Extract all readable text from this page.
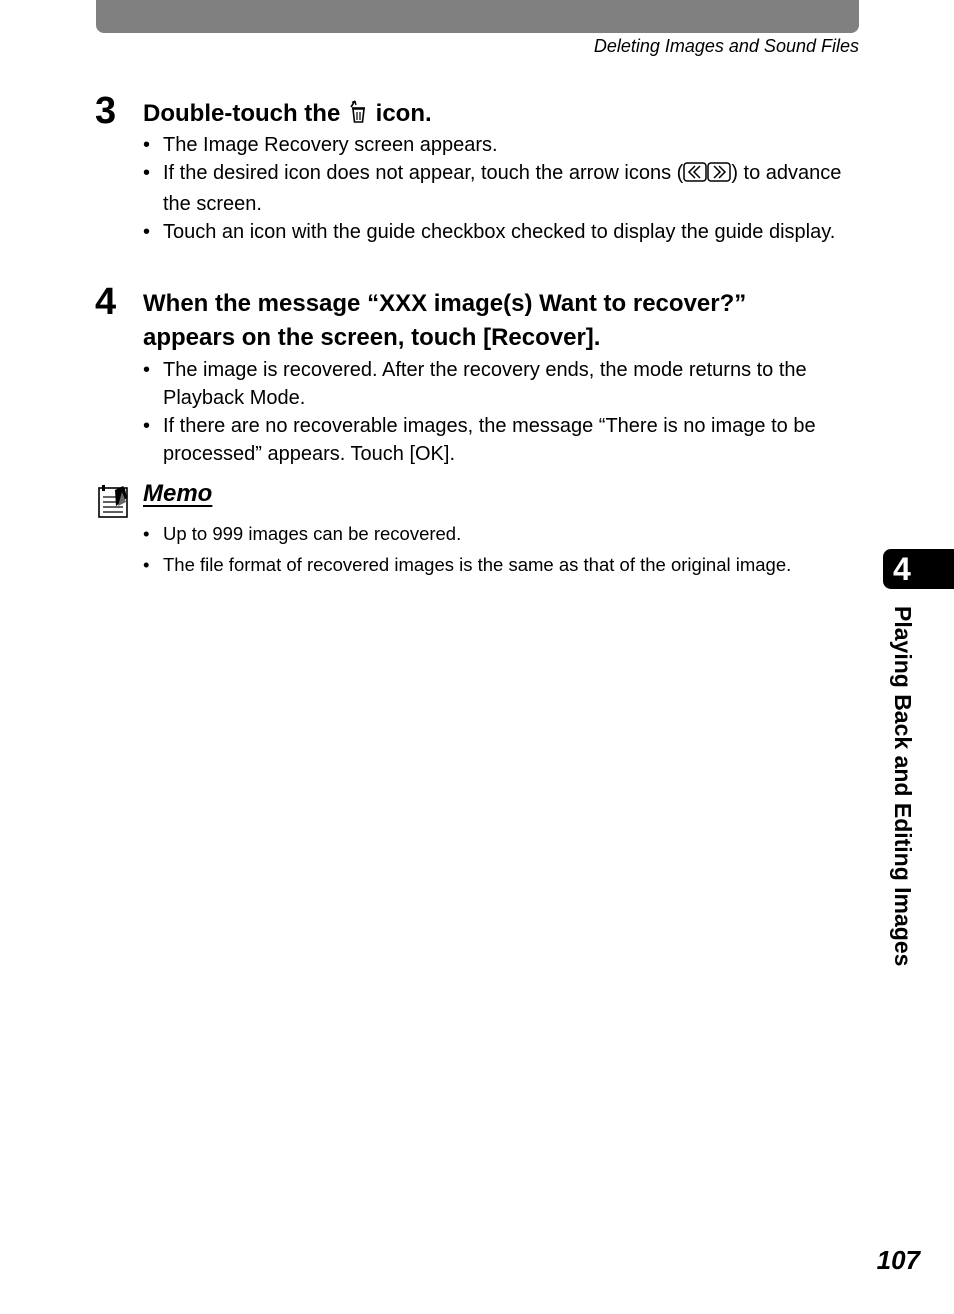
Deleting Images and Sound Files
3 Double-touch the icon.
• The Image Recovery screen appears.
• If the desired icon does not appear, touch the arrow icons ( ) to advance the screen.
• Touch an icon with the guide checkbox checked to display the guide display.
4 When the message “XXX image(s) Want to recover?” appears on the screen, touch [Recover].
• The image is recovered. After the recovery ends, the mode returns to the Playback Mode.
• If there are no recoverable images, the message “There is no image to be processed” appears. Touch [OK].
Memo
• Up to 999 images can be recovered.
• The file format of recovered images is the same as that of the original image.	4
Playing Back and Editing Images
107
